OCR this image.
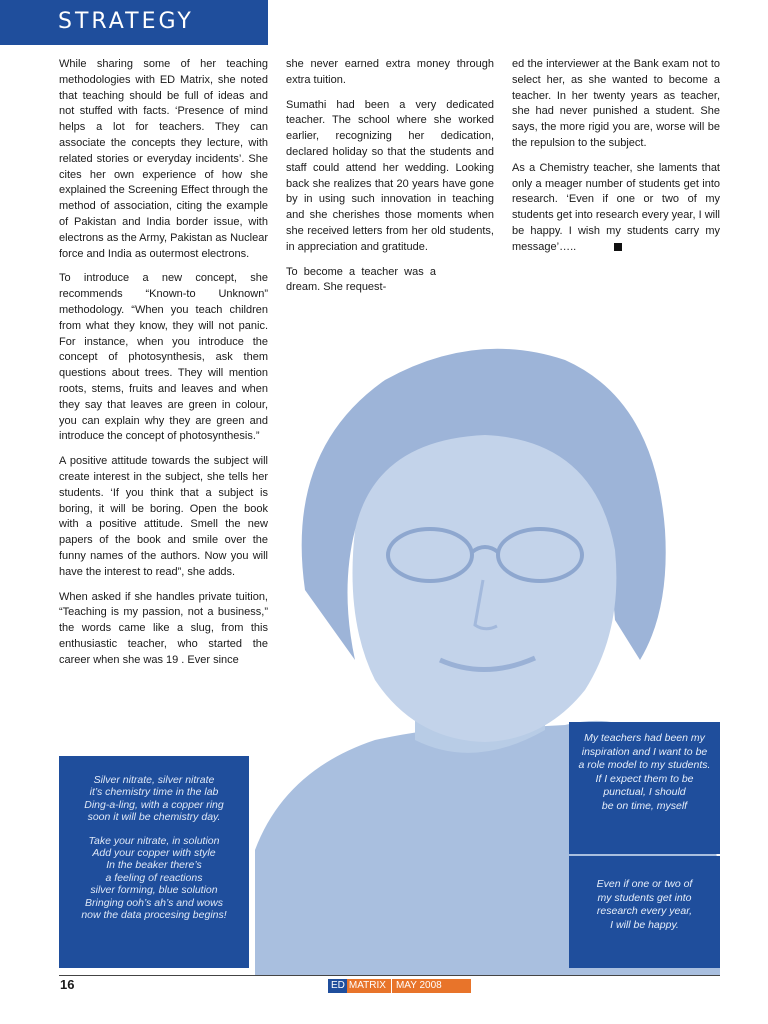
STRATEGY

While sharing some of her teaching methodologies with ED Matrix, she noted that teaching should be full of ideas and not stuffed with facts. ‘Presence of mind helps a lot for teachers. They can associate the concepts they lecture, with related stories or everyday incidents’. She cites her own experience of how she explained the Screening Effect through the method of association, citing the example of Pakistan and India border issue, with electrons as the Army, Pakistan as Nuclear force and India as outermost electrons.

To introduce a new concept, she recommends “Known-to Unknown” methodology. “When you teach children from what they know, they will not panic. For instance, when you introduce the concept of photosynthesis, ask them questions about trees. They will mention roots, stems, fruits and leaves and when they say that leaves are green in colour, you can explain why they are green and introduce the concept of photosynthesis.”

A positive attitude towards the subject will create interest in the subject, she tells her students. ‘If you think that a subject is boring, it will be boring. Open the book with a positive attitude. Smell the new papers of the book and smile over the funny names of the authors. Now you will have the interest to read”, she adds.

When asked if she handles private tuition, “Teaching is my passion, not a business,” the words came like a slug, from this enthusiastic teacher, who started the career when she was 19 . Ever since

she never earned extra money through extra tuition.

Sumathi had been a very dedicated teacher. The school where she worked earlier, recognizing her dedication, declared holiday so that the students and staff could attend her wedding. Looking back she realizes that 20 years have gone by in using such innovation in teaching and she cherishes those moments when she received letters from her old students, in appreciation and gratitude.

To become a teacher was a dream. She request-

ed the interviewer at the Bank exam not to select her, as she wanted to become a teacher. In her twenty years as teacher, she had never punished a student. She says, the more rigid you are, worse will be the repulsion to the subject.

As a Chemistry teacher, she laments that only a meager number of students get into research. ‘Even if one or two of my students get into research every year, I will be happy. I wish my students carry my message’…..

Silver nitrate, silver nitrate
it’s chemistry time in the lab
Ding-a-ling, with a copper ring
soon it will be chemistry day.
Take your nitrate, in solution
Add your copper with style
In the beaker there’s
a feeling of reactions
silver forming, blue solution
Bringing ooh’s ah’s and wows
now the data procesing begins!
My teachers had been my
inspiration and I want to be
a role model to my students.
If I expect them to be
punctual, I should
be on time, myself
Even if one or two of
my students get into
research every year,
I will be happy.
16	ED MATRIX	MAY 2008
